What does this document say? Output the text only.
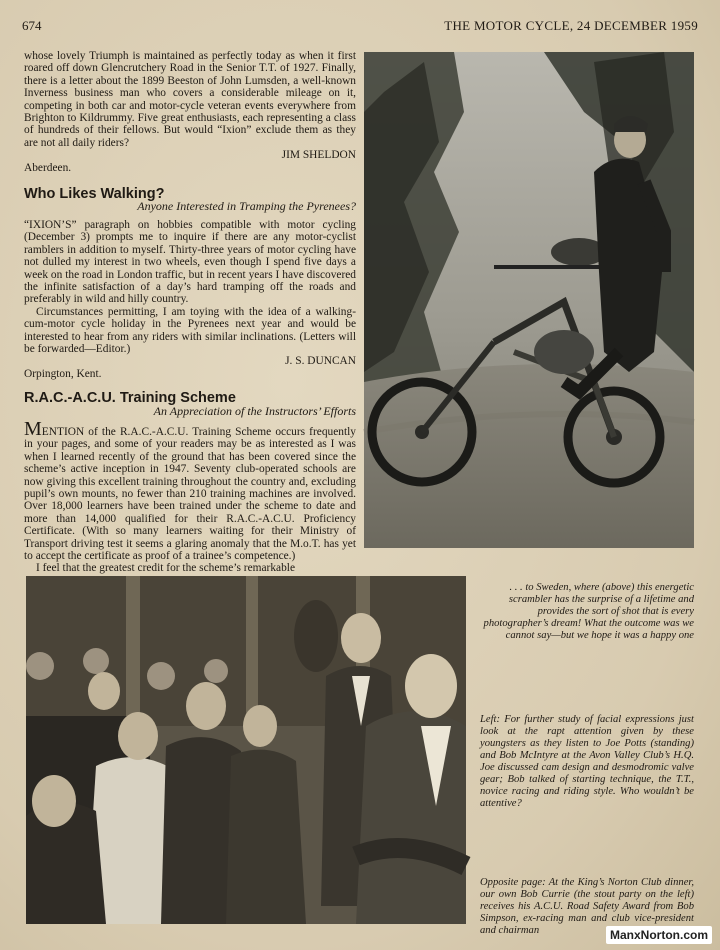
674	THE MOTOR CYCLE, 24 DECEMBER 1959

whose lovely Triumph is maintained as perfectly today as when it first roared off down Glencrutchery Road in the Senior T.T. of 1927. Finally, there is a letter about the 1899 Beeston of John Lumsden, a well-known Inverness business man who covers a considerable mileage on it, competing in both car and motor-cycle veteran events everywhere from Brighton to Kildrummy. Five great enthusiasts, each representing a class of hundreds of their fellows. But would “Ixion” exclude them as they are not all daily riders?

JIM SHELDON

Aberdeen.

Who Likes Walking?

Anyone Interested in Tramping the Pyrenees?

“IXION’S” paragraph on hobbies compatible with motor cycling (December 3) prompts me to inquire if there are any motor-cyclist ramblers in addition to myself. Thirty-three years of motor cycling have not dulled my interest in two wheels, even though I spend five days a week on the road in London traffic, but in recent years I have discovered the infinite satisfaction of a day’s hard tramping off the roads and preferably in wild and hilly country.

Circumstances permitting, I am toying with the idea of a walking-cum-motor cycle holiday in the Pyrenees next year and would be interested to hear from any riders with similar inclinations. (Letters will be forwarded—Editor.)

J. S. DUNCAN

Orpington, Kent.

R.A.C.-A.C.U. Training Scheme

An Appreciation of the Instructors’ Efforts

MENTION of the R.A.C.-A.C.U. Training Scheme occurs frequently in your pages, and some of your readers may be as interested as I was when I learned recently of the ground that has been covered since the scheme’s active inception in 1947. Seventy club-operated schools are now giving this excellent training throughout the country and, excluding pupil’s own mounts, no fewer than 210 training machines are involved. Over 18,000 learners have been trained under the scheme to date and more than 14,000 qualified for their R.A.C.-A.C.U. Proficiency Certificate. (With so many learners waiting for their Ministry of Transport driving test it seems a glaring anomaly that the M.o.T. has yet to accept the certificate as proof of a trainee’s competence.)

I feel that the greatest credit for the scheme’s remarkable

. . . to Sweden, where (above) this energetic scrambler has the surprise of a lifetime and provides the sort of shot that is every photographer’s dream! What the outcome was we cannot say—but we hope it was a happy one
Left: For further study of facial expressions just look at the rapt attention given by these youngsters as they listen to Joe Potts (standing) and Bob McIntyre at the Avon Valley Club’s H.Q. Joe discussed cam design and desmodromic valve gear; Bob talked of starting technique, the T.T., novice racing and riding style. Who wouldn’t be attentive?
Opposite page: At the King’s Norton Club dinner, our own Bob Currie (the stout party on the left) receives his A.C.U. Road Safety Award from Bob Simpson, ex-racing man and club vice-president and chairman	ManxNorton.com
